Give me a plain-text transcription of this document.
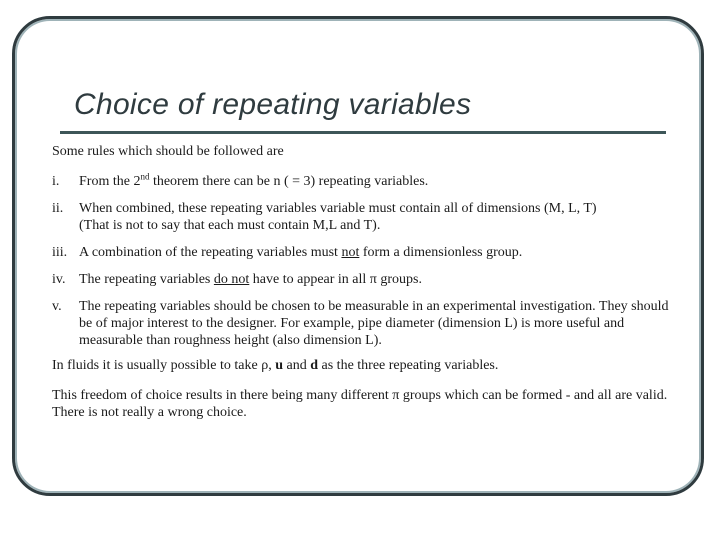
Choice of repeating variables

Some rules which should be followed are

i.	From the 2nd theorem there can be n ( = 3) repeating variables.
ii.	When combined, these repeating variables variable must contain all of dimensions (M, L, T)
(That is not to say that each must contain M,L and T).
iii. A combination of the repeating variables must not form a dimensionless group.
iv. The repeating variables do not have to appear in all π groups.
v.	The repeating variables should be chosen to be measurable in an experimental investigation. They should be of major interest to the designer. For example, pipe diameter (dimension L) is more useful and measurable than roughness height (also dimension L).

In fluids it is usually possible to take ρ, u and d as the three repeating variables.

This freedom of choice results in there being many different π groups which can be formed - and all are valid. There is not really a wrong choice.
